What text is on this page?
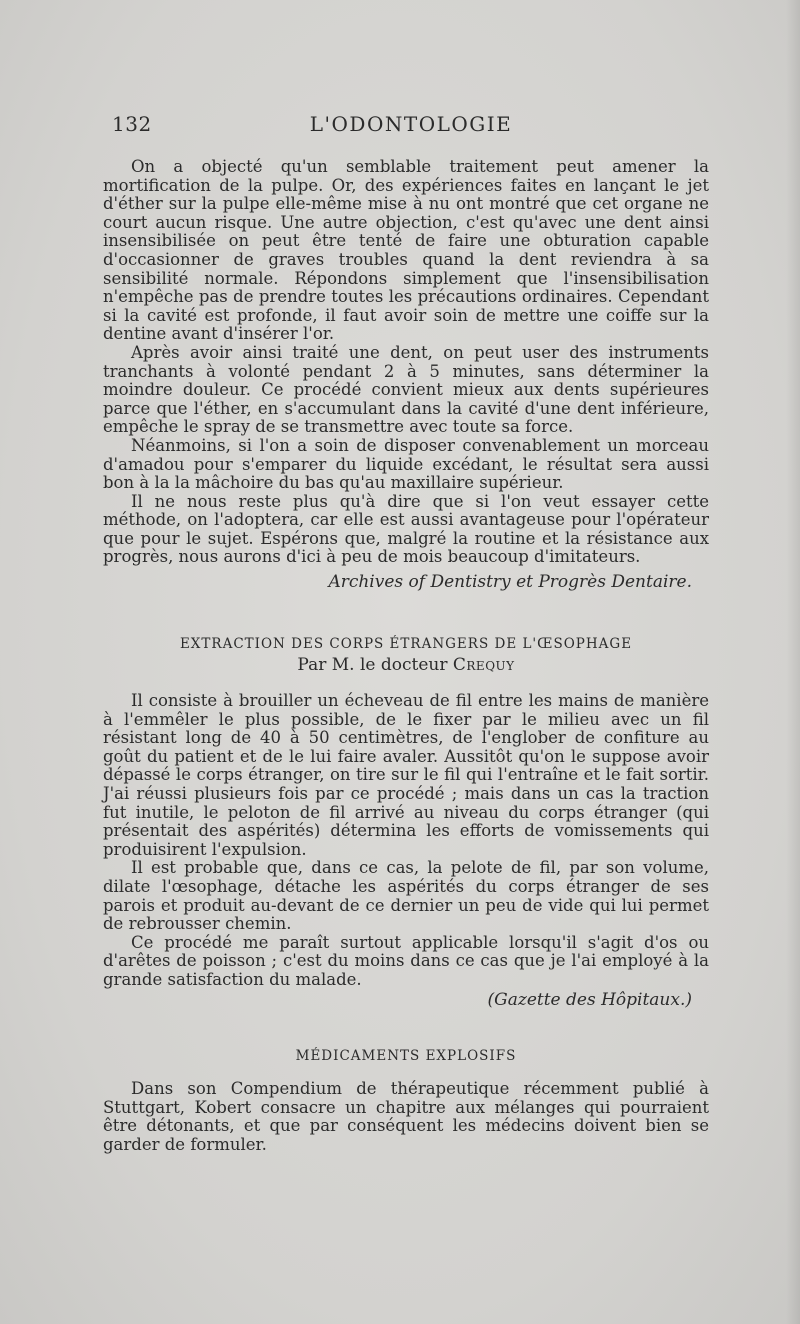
132	L'ODONTOLOGIE

On a objecté qu'un semblable traitement peut amener la mortification de la pulpe. Or, des expériences faites en lançant le jet d'éther sur la pulpe elle-même mise à nu ont montré que cet organe ne court aucun risque. Une autre objection, c'est qu'avec une dent ainsi insensibilisée on peut être tenté de faire une obturation capable d'occasionner de graves troubles quand la dent reviendra à sa sensibilité normale. Répondons simplement que l'insensibilisation n'empêche pas de prendre toutes les précautions ordinaires. Cependant si la cavité est profonde, il faut avoir soin de mettre une coiffe sur la dentine avant d'insérer l'or.

Après avoir ainsi traité une dent, on peut user des instruments tranchants à volonté pendant 2 à 5 minutes, sans déterminer la moindre douleur. Ce procédé convient mieux aux dents supérieures parce que l'éther, en s'accumulant dans la cavité d'une dent inférieure, empêche le spray de se transmettre avec toute sa force.

Néanmoins, si l'on a soin de disposer convenablement un morceau d'amadou pour s'emparer du liquide excédant, le résultat sera aussi bon à la la mâchoire du bas qu'au maxillaire supérieur.

Il ne nous reste plus qu'à dire que si l'on veut essayer cette méthode, on l'adoptera, car elle est aussi avantageuse pour l'opérateur que pour le sujet. Espérons que, malgré la routine et la résistance aux progrès, nous aurons d'ici à peu de mois beaucoup d'imitateurs.

Archives of Dentistry et Progrès Dentaire.
EXTRACTION DES CORPS ÉTRANGERS DE L'ŒSOPHAGE
Par M. le docteur Crequy

Il consiste à brouiller un écheveau de fil entre les mains de manière à l'emmêler le plus possible, de le fixer par le milieu avec un fil résistant long de 40 à 50 centimètres, de l'englober de confiture au goût du patient et de le lui faire avaler. Aussitôt qu'on le suppose avoir dépassé le corps étranger, on tire sur le fil qui l'entraîne et le fait sortir. J'ai réussi plusieurs fois par ce procédé ; mais dans un cas la traction fut inutile, le peloton de fil arrivé au niveau du corps étranger (qui présentait des aspérités) détermina les efforts de vomissements qui produisirent l'expulsion.

Il est probable que, dans ce cas, la pelote de fil, par son volume, dilate l'œsophage, détache les aspérités du corps étranger de ses parois et produit au-devant de ce dernier un peu de vide qui lui permet de rebrousser chemin.

Ce procédé me paraît surtout applicable lorsqu'il s'agit d'os ou d'arêtes de poisson ; c'est du moins dans ce cas que je l'ai employé à la grande satisfaction du malade.

(Gazette des Hôpitaux.)
MÉDICAMENTS EXPLOSIFS

Dans son Compendium de thérapeutique récemment publié à Stuttgart, Kobert consacre un chapitre aux mélanges qui pourraient être détonants, et que par conséquent les médecins doivent bien se garder de formuler.
